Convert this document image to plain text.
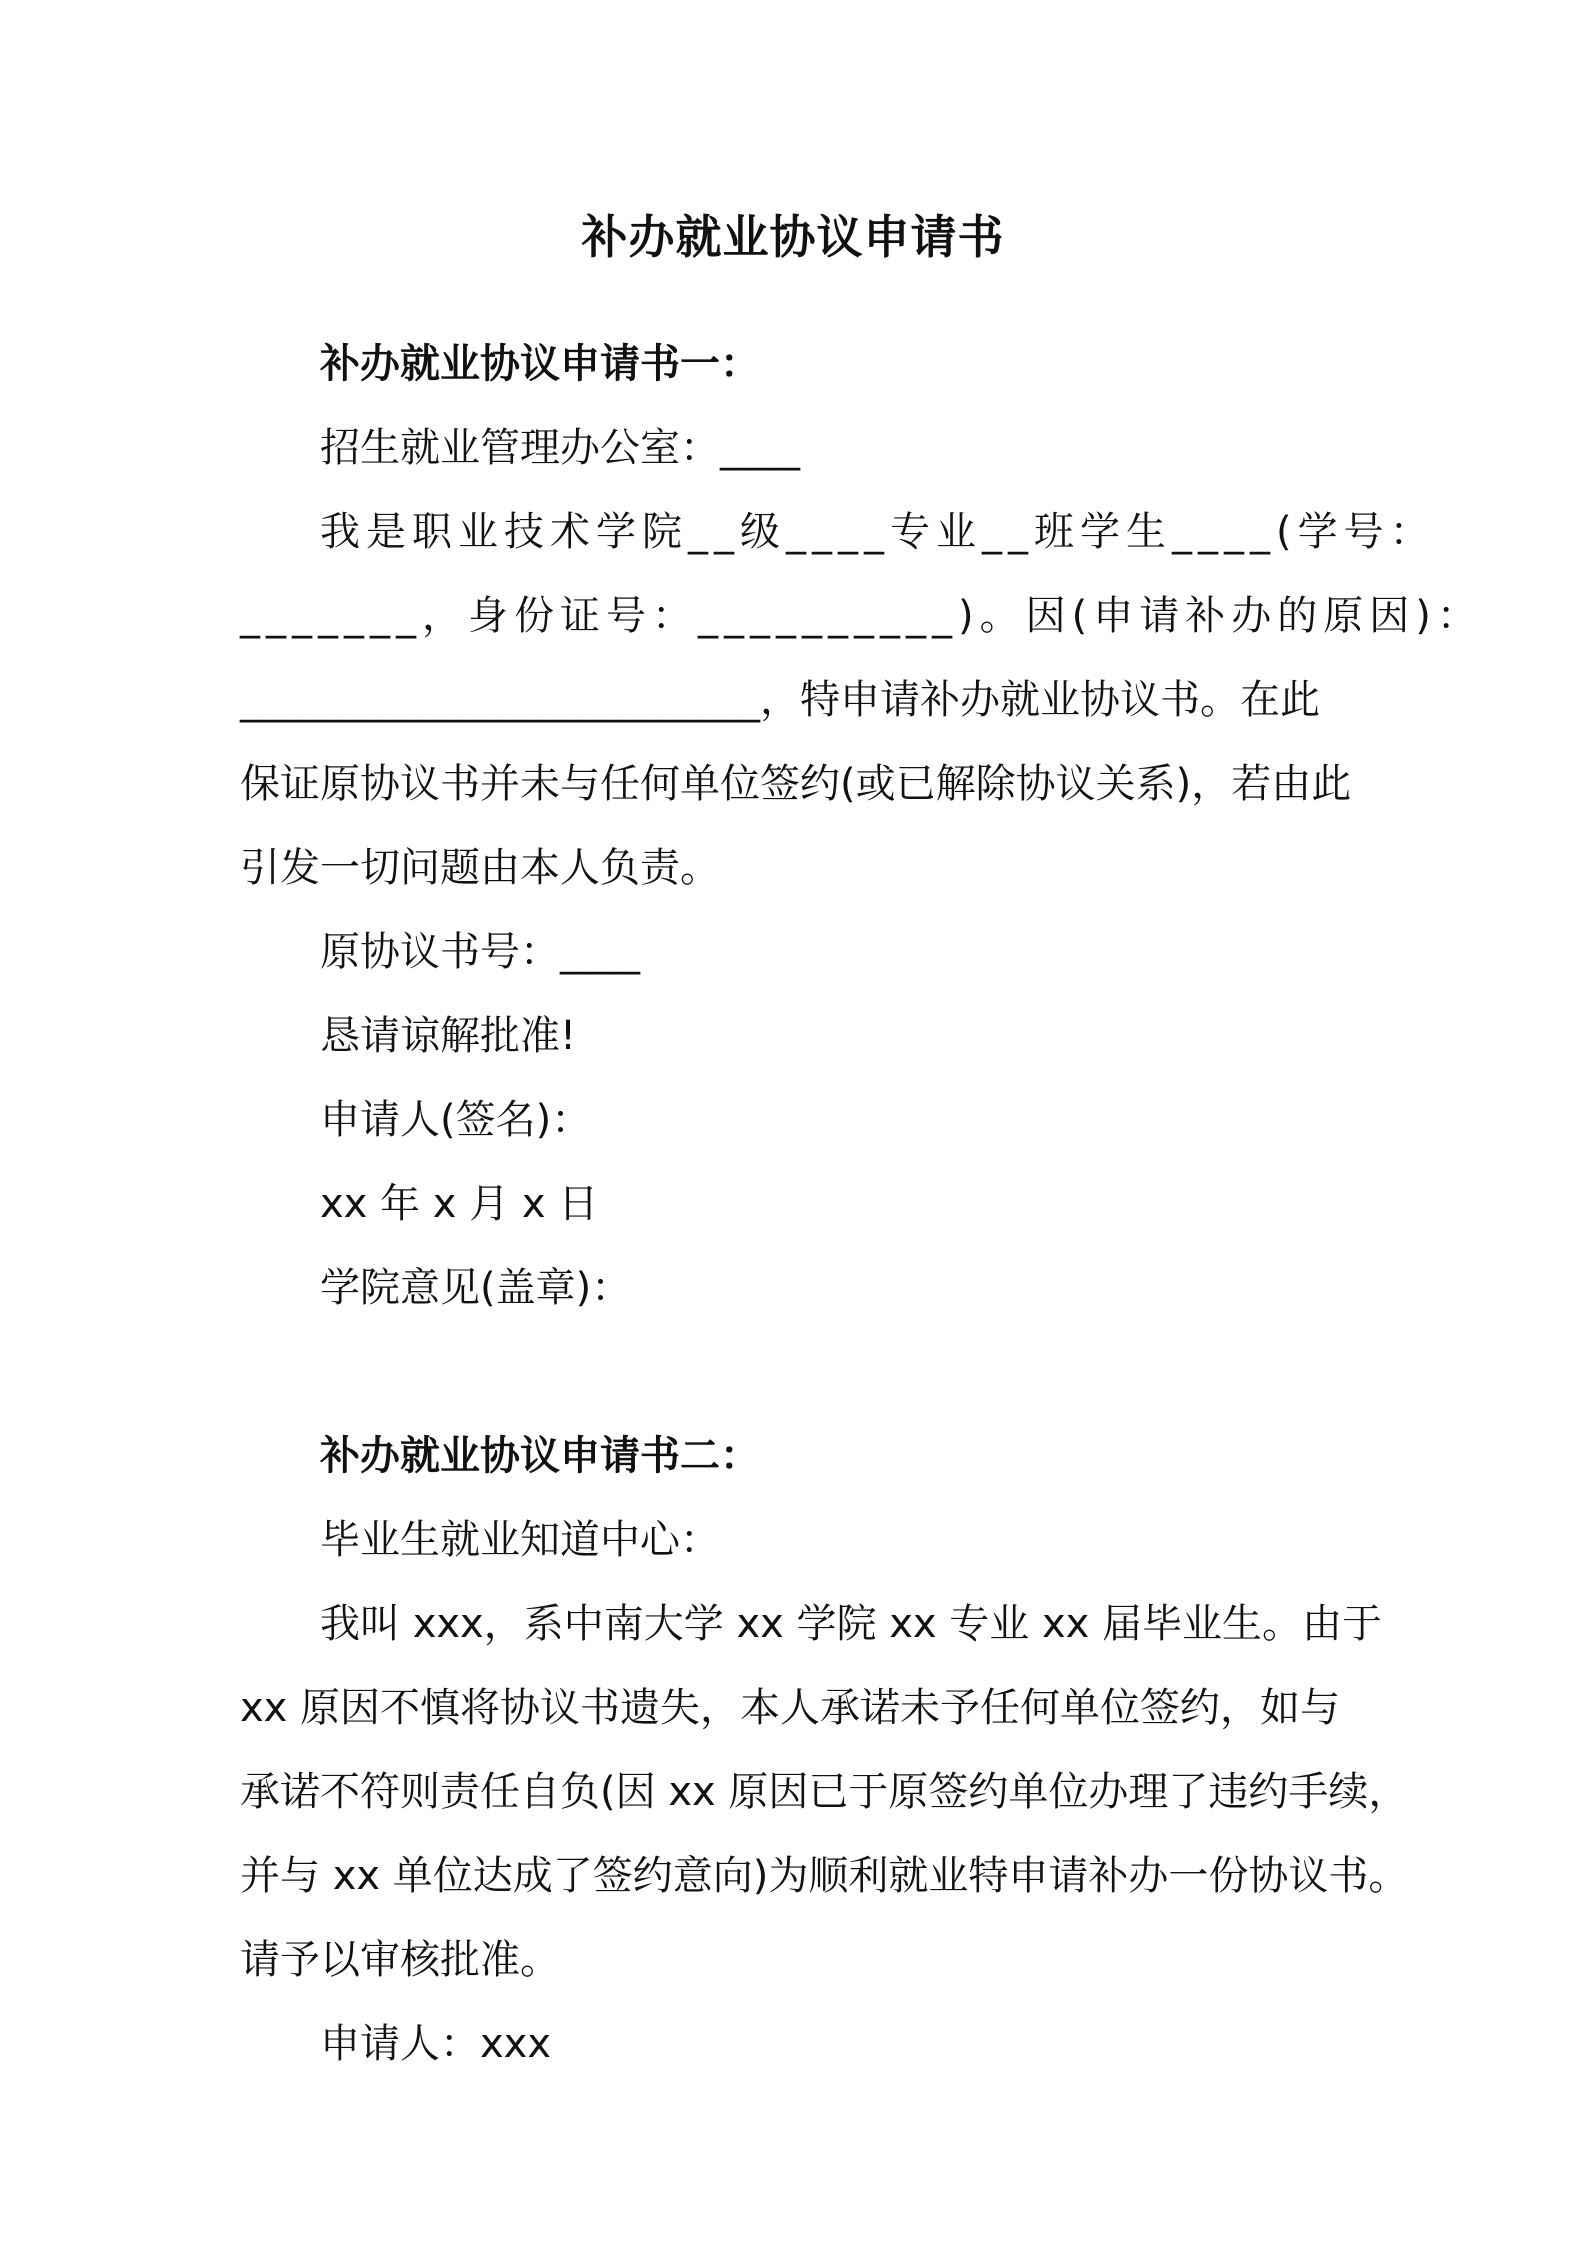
补办就业协议申请书
补办就业协议申请书一：
招生就业管理办公室：____
我是职业技术学院__级____专业__班学生____(学号：
_______，身份证号：__________)。因(申请补办的原因)：
__________________________，特申请补办就业协议书。在此
保证原协议书并未与任何单位签约(或已解除协议关系)，若由此
引发一切问题由本人负责。
原协议书号：____
恳请谅解批准!
申请人(签名)：
xx 年 x 月 x 日
学院意见(盖章)：
补办就业协议申请书二：
毕业生就业知道中心：
我叫 xxx，系中南大学 xx 学院 xx 专业 xx 届毕业生。由于
xx 原因不慎将协议书遗失，本人承诺未予任何单位签约，如与
承诺不符则责任自负(因 xx 原因已于原签约单位办理了违约手续，
并与 xx 单位达成了签约意向)为顺利就业特申请补办一份协议书。
请予以审核批准。
申请人：xxx
